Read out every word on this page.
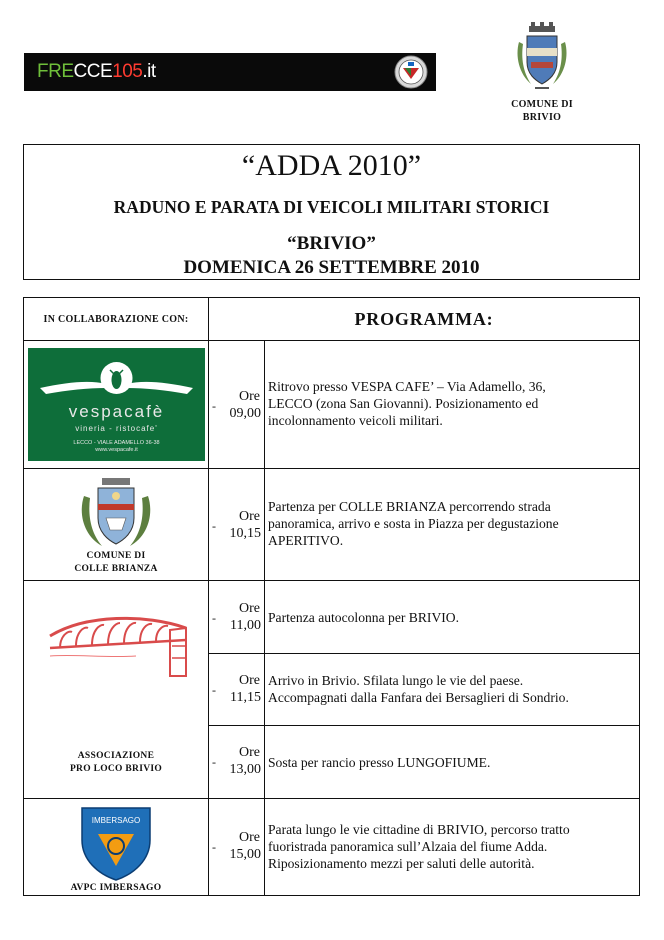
FRECCE105.it
COMUNE DI
BRIVIO
“ADDA 2010”
RADUNO E PARATA DI VEICOLI MILITARI STORICI
“BRIVIO”
DOMENICA 26 SETTEMBRE 2010
IN COLLABORAZIONE CON:	PROGRAMMA:
vespacafè
vineria - ristocafe'
LECCO - VIALE ADAMELLO 36-38
www.vespacafe.it
COMUNE DI
COLLE BRIANZA
ASSOCIAZIONE
PRO LOCO BRIVIO
IMBERSAGO
AVPC IMBERSAGO
-
Ore
09,00
Ritrovo presso VESPA CAFE’ – Via Adamello, 36,
LECCO (zona San Giovanni). Posizionamento ed
incolonnamento veicoli militari.
-
Ore
10,15
Partenza per COLLE BRIANZA percorrendo strada
panoramica, arrivo e sosta in Piazza per degustazione
APERITIVO.
-
Ore
11,00
Partenza autocolonna per BRIVIO.
-
Ore
11,15
Arrivo in Brivio. Sfilata lungo le vie del paese.
Accompagnati dalla Fanfara dei Bersaglieri di Sondrio.
-
Ore
13,00 Sosta per rancio presso LUNGOFIUME.
-
Ore
15,00
Parata lungo le vie cittadine di BRIVIO, percorso tratto
fuoristrada panoramica sull’Alzaia del fiume Adda.
Riposizionamento mezzi per saluti delle autorità.
